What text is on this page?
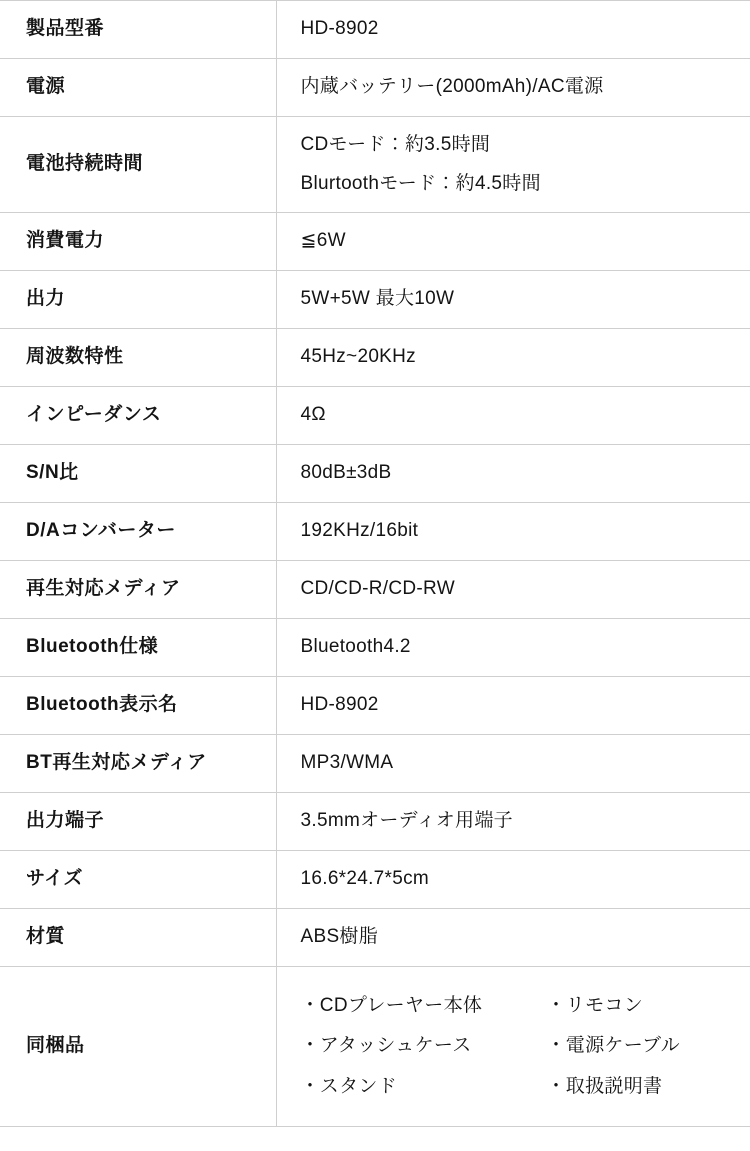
製品型番	HD-8902
電源	内蔵バッテリー(2000mAh)/AC電源
電池持続時間	CDモード：約3.5時間
Blurtoothモード：約4.5時間

消費電力	≦6W
出力	5W+5W 最大10W
周波数特性	45Hz~20KHz
インピーダンス	4Ω
S/N比	80dB±3dB
D/Aコンバーター	192KHz/16bit
再生対応メディア	CD/CD-R/CD-RW
Bluetooth仕様	Bluetooth4.2
Bluetooth表示名	HD-8902
BT再生対応メディア	MP3/WMA
出力端子	3.5mmオーディオ用端子
サイズ	16.6*24.7*5cm
材質	ABS樹脂
同梱品	
・CDプレーヤー本体	・リモコン
・アタッシュケース	・電源ケーブル
・スタンド	・取扱説明書
